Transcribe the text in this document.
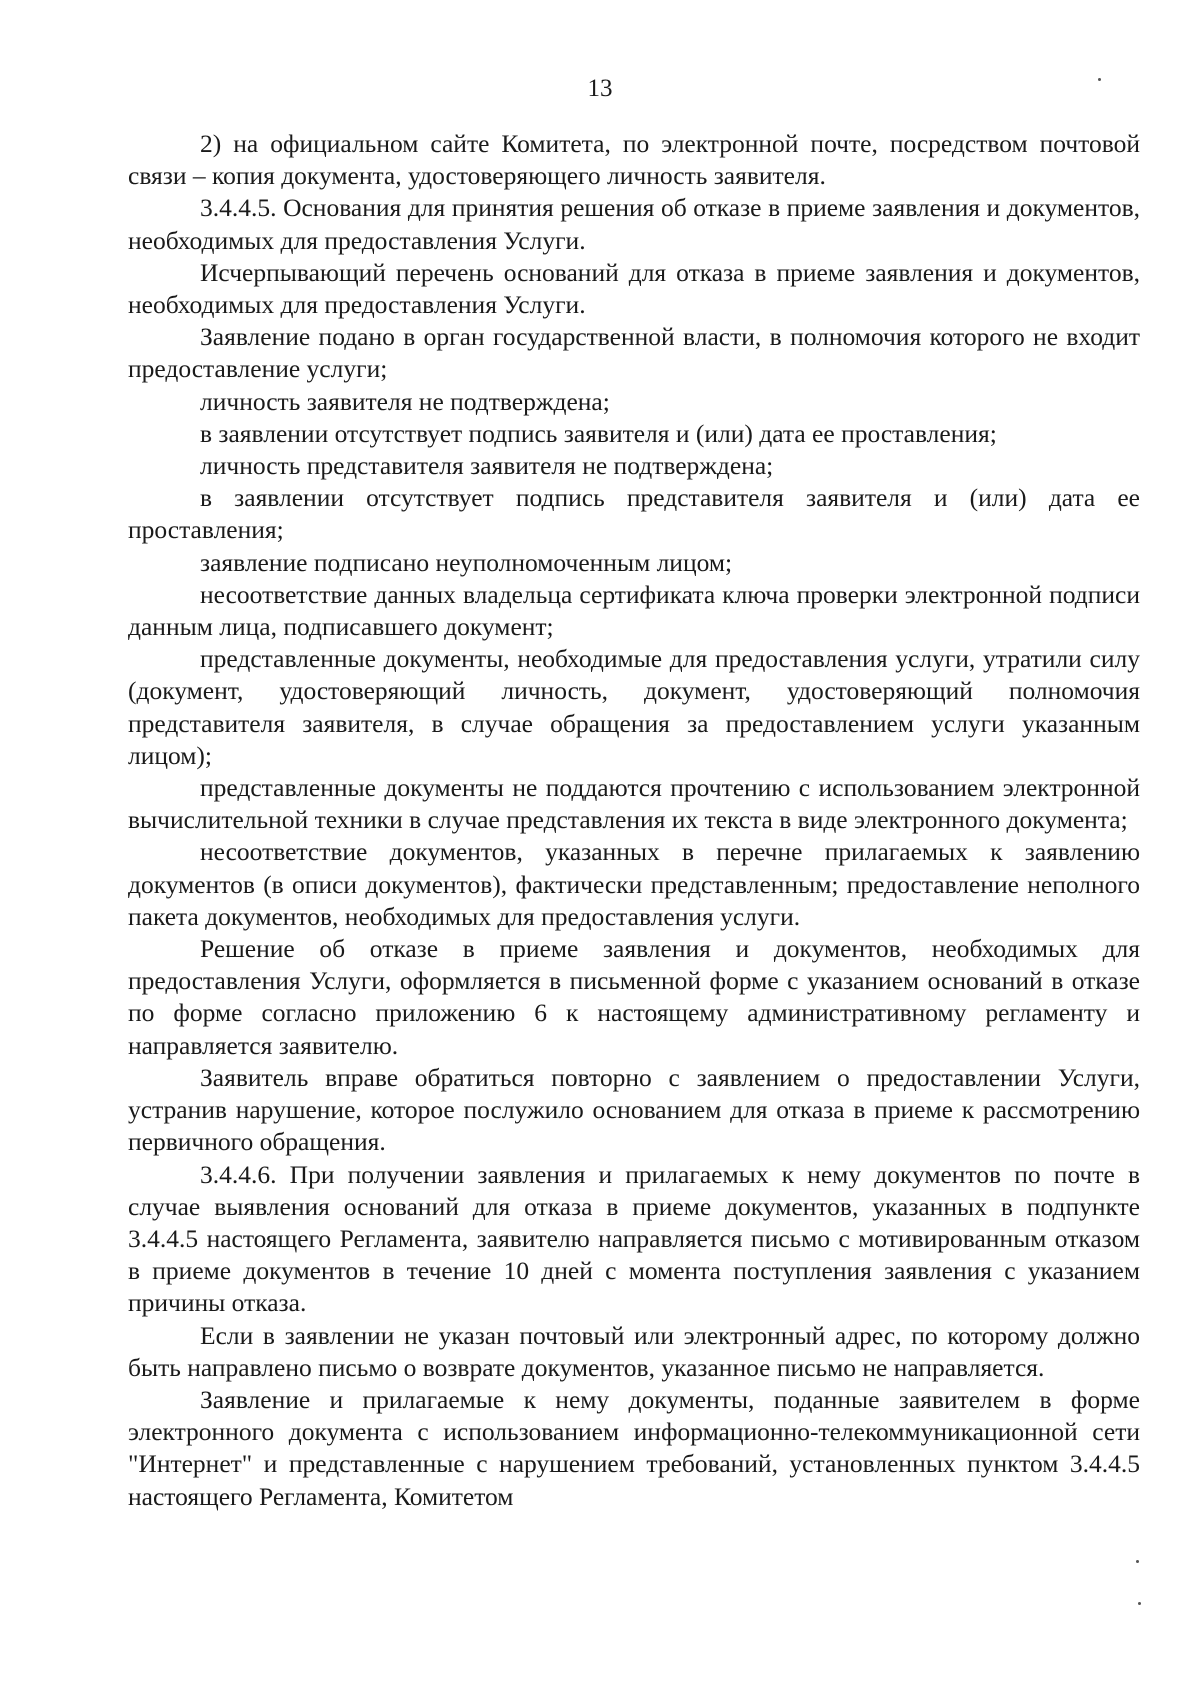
13

2) на официальном сайте Комитета, по электронной почте, посредством почтовой связи – копия документа, удостоверяющего личность заявителя.

3.4.4.5. Основания для принятия решения об отказе в приеме заявления и документов, необходимых для предоставления Услуги.

Исчерпывающий перечень оснований для отказа в приеме заявления и документов, необходимых для предоставления Услуги.

Заявление подано в орган государственной власти, в полномочия которого не входит предоставление услуги;

личность заявителя не подтверждена;

в заявлении отсутствует подпись заявителя и (или) дата ее проставления;

личность представителя заявителя не подтверждена;

в заявлении отсутствует подпись представителя заявителя и (или) дата ее проставления;

заявление подписано неуполномоченным лицом;

несоответствие данных владельца сертификата ключа проверки электронной подписи данным лица, подписавшего документ;

представленные документы, необходимые для предоставления услуги, утратили силу (документ, удостоверяющий личность, документ, удостоверяющий полномочия представителя заявителя, в случае обращения за предоставлением услуги указанным лицом);

представленные документы не поддаются прочтению с использованием электронной вычислительной техники в случае представления их текста в виде электронного документа;

несоответствие документов, указанных в перечне прилагаемых к заявлению документов (в описи документов), фактически представленным; предоставление неполного пакета документов, необходимых для предоставления услуги.

Решение об отказе в приеме заявления и документов, необходимых для предоставления Услуги, оформляется в письменной форме с указанием оснований в отказе по форме согласно приложению 6 к настоящему административному регламенту и направляется заявителю.

Заявитель вправе обратиться повторно с заявлением о предоставлении Услуги, устранив нарушение, которое послужило основанием для отказа в приеме к рассмотрению первичного обращения.

3.4.4.6. При получении заявления и прилагаемых к нему документов по почте в случае выявления оснований для отказа в приеме документов, указанных в подпункте 3.4.4.5 настоящего Регламента, заявителю направляется письмо с мотивированным отказом в приеме документов в течение 10 дней с момента поступления заявления с указанием причины отказа.

Если в заявлении не указан почтовый или электронный адрес, по которому должно быть направлено письмо о возврате документов, указанное письмо не направляется.

Заявление и прилагаемые к нему документы, поданные заявителем в форме электронного документа с использованием информационно-телекоммуникационной сети "Интернет" и представленные с нарушением требований, установленных пунктом 3.4.4.5 настоящего Регламента, Комитетом
